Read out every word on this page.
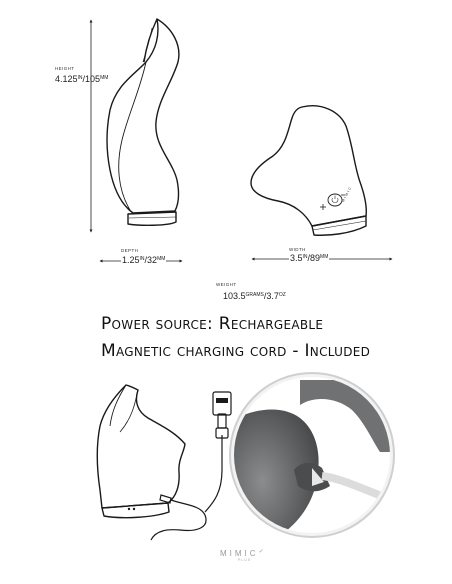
HEIGHT
$4.125^{IN}/105^{MM}$
DEPTH
$1.25^{IN}/32^{MM}$
WIDTH
$3.5^{IN}/89^{MM}$
WEIGHT
$103.5^{GRAMS}/3.7^{OZ}$
MIMIC
Power source: Rechargeable
Magnetic charging cord - Included
MIMIC✓
PLUS
